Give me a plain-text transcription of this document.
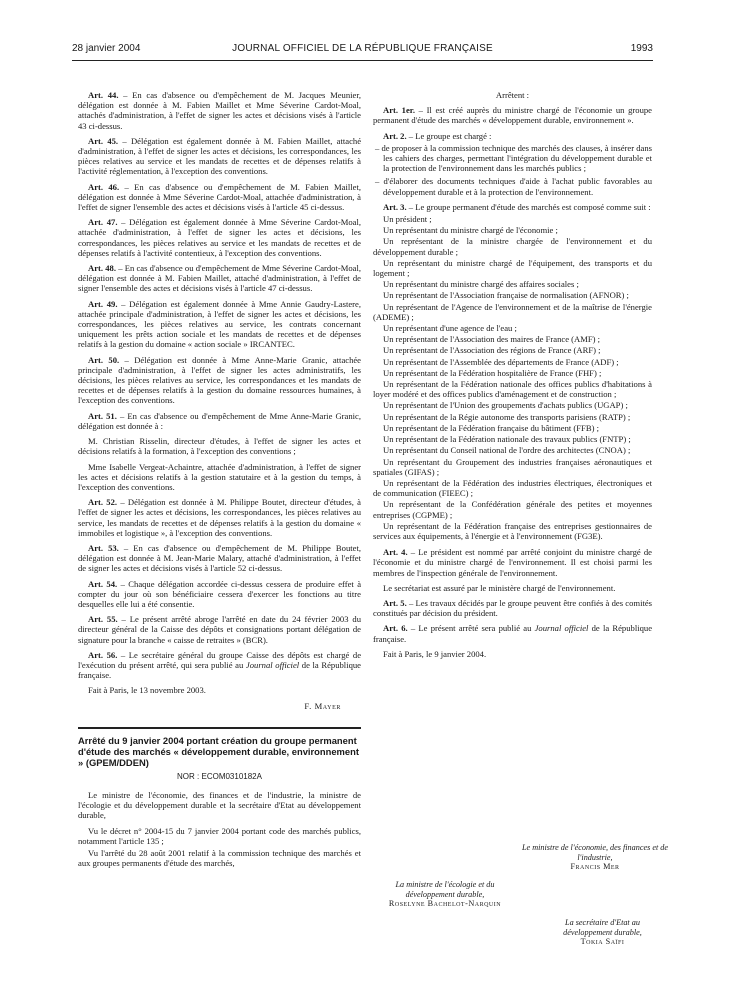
28 janvier 2004	JOURNAL OFFICIEL DE LA RÉPUBLIQUE FRANÇAISE	1993

Art. 44. – En cas d'absence ou d'empêchement de M. Jacques Meunier, délégation est donnée à M. Fabien Maillet et Mme Séverine Cardot-Moal, attachés d'administration, à l'effet de signer les actes et décisions visés à l'article 43 ci-dessus.

Art. 45. – Délégation est également donnée à M. Fabien Maillet, attaché d'administration, à l'effet de signer les actes et décisions, les correspondances, les pièces relatives au service et les mandats de recettes et de dépenses relatifs à l'activité réglementation, à l'exception des conventions.

Art. 46. – En cas d'absence ou d'empêchement de M. Fabien Maillet, délégation est donnée à Mme Séverine Cardot-Moal, attachée d'administration, à l'effet de signer l'ensemble des actes et décisions visés à l'article 45 ci-dessus.

Art. 47. – Délégation est également donnée à Mme Séverine Cardot-Moal, attachée d'administration, à l'effet de signer les actes et décisions, les correspondances, les pièces relatives au service et les mandats de recettes et de dépenses relatifs à l'activité contentieux, à l'exception des conventions.

Art. 48. – En cas d'absence ou d'empêchement de Mme Séverine Cardot-Moal, délégation est donnée à M. Fabien Maillet, attaché d'administration, à l'effet de signer l'ensemble des actes et décisions visés à l'article 47 ci-dessus.

Art. 49. – Délégation est également donnée à Mme Annie Gaudry-Lastere, attachée principale d'administration, à l'effet de signer les actes et décisions, les correspondances, les pièces relatives au service, les contrats concernant uniquement les prêts action sociale et les mandats de recettes et de dépenses relatifs à la gestion du domaine « action sociale » IRCANTEC.

Art. 50. – Délégation est donnée à Mme Anne-Marie Granic, attachée principale d'administration, à l'effet de signer les actes administratifs, les décisions, les pièces relatives au service, les correspondances et les mandats de recettes et de dépenses relatifs à la gestion du domaine ressources humaines, à l'exception des conventions.

Art. 51. – En cas d'absence ou d'empêchement de Mme Anne-Marie Granic, délégation est donnée à :

M. Christian Risselin, directeur d'études, à l'effet de signer les actes et décisions relatifs à la formation, à l'exception des conventions ;

Mme Isabelle Vergeat-Achaintre, attachée d'administration, à l'effet de signer les actes et décisions relatifs à la gestion statutaire et à la gestion du temps, à l'exception des conventions.

Art. 52. – Délégation est donnée à M. Philippe Boutet, directeur d'études, à l'effet de signer les actes et décisions, les correspondances, les pièces relatives au service, les mandats de recettes et de dépenses relatifs à la gestion du domaine « immobiles et logistique », à l'exception des conventions.

Art. 53. – En cas d'absence ou d'empêchement de M. Philippe Boutet, délégation est donnée à M. Jean-Marie Malary, attaché d'administration, à l'effet de signer les actes et décisions visés à l'article 52 ci-dessus.

Art. 54. – Chaque délégation accordée ci-dessus cessera de produire effet à compter du jour où son bénéficiaire cessera d'exercer les fonctions au titre desquelles elle lui a été consentie.

Art. 55. – Le présent arrêté abroge l'arrêté en date du 24 février 2003 du directeur général de la Caisse des dépôts et consignations portant délégation de signature pour la branche « caisse de retraites » (BCR).

Art. 56. – Le secrétaire général du groupe Caisse des dépôts est chargé de l'exécution du présent arrêté, qui sera publié au Journal officiel de la République française.

Fait à Paris, le 13 novembre 2003.

F. Mayer

Arrêté du 9 janvier 2004 portant création du groupe permanent d'étude des marchés « développement durable, environnement » (GPEM/DDEN)

NOR : ECOM0310182A

Le ministre de l'économie, des finances et de l'industrie, la ministre de l'écologie et du développement durable et la secrétaire d'Etat au développement durable,

Vu le décret n° 2004-15 du 7 janvier 2004 portant code des marchés publics, notamment l'article 135 ;

Vu l'arrêté du 28 août 2001 relatif à la commission technique des marchés et aux groupes permanents d'étude des marchés,

Arrêtent :

Art. 1er. – Il est créé auprès du ministre chargé de l'économie un groupe permanent d'étude des marchés « développement durable, environnement ».

Art. 2. – Le groupe est chargé :

– de proposer à la commission technique des marchés des clauses, à insérer dans les cahiers des charges, permettant l'intégration du développement durable et la protection de l'environnement dans les marchés publics ;

– d'élaborer des documents techniques d'aide à l'achat public favorables au développement durable et à la protection de l'environnement.

Art. 3. – Le groupe permanent d'étude des marchés est composé comme suit :

Un président ;

Un représentant du ministre chargé de l'économie ;

Un représentant de la ministre chargée de l'environnement et du développement durable ;

Un représentant du ministre chargé de l'équipement, des transports et du logement ;

Un représentant du ministre chargé des affaires sociales ;

Un représentant de l'Association française de normalisation (AFNOR) ;

Un représentant de l'Agence de l'environnement et de la maîtrise de l'énergie (ADEME) ;

Un représentant d'une agence de l'eau ;

Un représentant de l'Association des maires de France (AMF) ;

Un représentant de l'Association des régions de France (ARF) ;

Un représentant de l'Assemblée des départements de France (ADF) ;

Un représentant de la Fédération hospitalière de France (FHF) ;

Un représentant de la Fédération nationale des offices publics d'habitations à loyer modéré et des offices publics d'aménagement et de construction ;

Un représentant de l'Union des groupements d'achats publics (UGAP) ;

Un représentant de la Régie autonome des transports parisiens (RATP) ;

Un représentant de la Fédération française du bâtiment (FFB) ;

Un représentant de la Fédération nationale des travaux publics (FNTP) ;

Un représentant du Conseil national de l'ordre des architectes (CNOA) ;

Un représentant du Groupement des industries françaises aéronautiques et spatiales (GIFAS) ;

Un représentant de la Fédération des industries électriques, électroniques et de communication (FIEEC) ;

Un représentant de la Confédération générale des petites et moyennes entreprises (CGPME) ;

Un représentant de la Fédération française des entreprises gestionnaires de services aux équipements, à l'énergie et à l'environnement (FG3E).

Art. 4. – Le président est nommé par arrêté conjoint du ministre chargé de l'économie et du ministre chargé de l'environnement. Il est choisi parmi les membres de l'inspection générale de l'environnement.

Le secrétariat est assuré par le ministère chargé de l'environnement.

Art. 5. – Les travaux décidés par le groupe peuvent être confiés à des comités constitués par décision du président.

Art. 6. – Le présent arrêté sera publié au Journal officiel de la République française.

Fait à Paris, le 9 janvier 2004.

Le ministre de l'économie, des finances et de l'industrie,
Francis Mer
La ministre de l'écologie et du développement durable,
Roselyne Bachelot-Narquin
La secrétaire d'Etat au développement durable,
Tokia Saïfi
